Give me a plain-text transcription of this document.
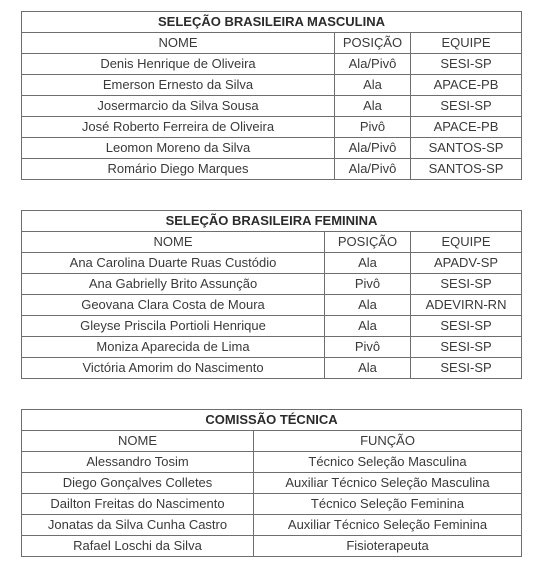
SELEÇÃO BRASILEIRA MASCULINA		
NOME	POSIÇÃO	EQUIPE
Denis Henrique de Oliveira	Ala/Pivô	SESI-SP
Emerson Ernesto da Silva	Ala	APACE-PB
Josermarcio da Silva Sousa	Ala	SESI-SP
José Roberto Ferreira de Oliveira	Pivô	APACE-PB
Leomon Moreno da Silva	Ala/Pivô	SANTOS-SP
Romário Diego Marques	Ala/Pivô	SANTOS-SP
SELEÇÃO BRASILEIRA FEMININA		
NOME	POSIÇÃO	EQUIPE
Ana Carolina Duarte Ruas Custódio	Ala	APADV-SP
Ana Gabrielly Brito Assunção	Pivô	SESI-SP
Geovana Clara Costa de Moura	Ala	ADEVIRN-RN
Gleyse Priscila Portioli Henrique	Ala	SESI-SP
Moniza Aparecida de Lima	Pivô	SESI-SP
Victória Amorim do Nascimento	Ala	SESI-SP
COMISSÃO TÉCNICA	
NOME	FUNÇÃO
Alessandro Tosim	Técnico Seleção Masculina
Diego Gonçalves Colletes	Auxiliar Técnico Seleção Masculina
Dailton Freitas do Nascimento	Técnico Seleção Feminina
Jonatas da Silva Cunha Castro	Auxiliar Técnico Seleção Feminina
Rafael Loschi da Silva	Fisioterapeuta
